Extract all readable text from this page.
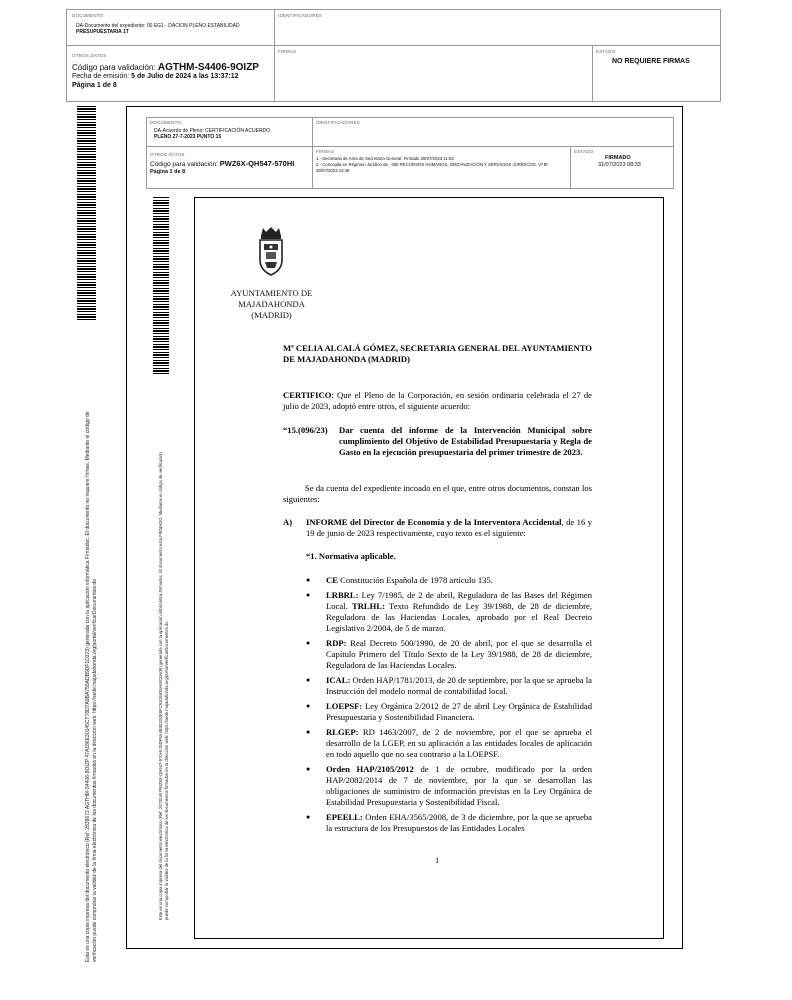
DOCUMENTO
DA-Documento del expediente: 00 EG1 - DACION PLENO ESTABILIDAD
PRESUPUESTARIA 1T
IDENTIFICADORES
OTROS DATOS
Código para validación: AGTHM-S4406-9OIZP
Fecha de emisión: 5 de Julio de 2024 a las 13:37:12
Página 1 de 8
FIRMAS	ESTADO
NO REQUIERE FIRMAS
Esta es una copia impresa del documento electrónico (Ref: 2839672 AGTHM-S4406-9OIZP 47A186E30145CT78D7A9BA755ADB9DF1D373) generada con la aplicación informática Firmadoc. El documento no requiere firmas. Mediante el código de verificación puede comprobar la validez de la firma electrónica de los documentos firmados en la dirección web: https://sede.majadahonda.org/portal/verificarDocumentos.do
DOCUMENTO
DA-Acuerdo de Pleno: CERTIFICACIÓN ACUERDO
PLENO 27-7-2023 PUNTO 15
IDENTIFICADORES
OTROS DATOS
Código para validación: PWZ6X-QH547-570HI
Página 1 de 8
FIRMAS
1.- Secretaria de Area de Secretaría General. Firmado 28/07/2023 11:53
2.- Concejala en Régimen Jurídico de , 006 RECURSOS HUMANOS, ORGANIZACIÓN Y SERVICIOS JURÍDICOS. Vº Bº
28/07/2023 13:48
ESTADO
FIRMADO
31/07/2023 08:33
Este es una copia impresa del documento electrónico (Ref: 2470040 PWZ6X-QH547-570HI 25DF6A4B301D0E8FC91D5928A60C0A0E) generada con la aplicación informática Firmadoc. El documento está FIRMADO. Mediante el código de verificación puede comprobar la validez de la firma electrónica de los documentos firmados en la dirección web: https://sede.majadahonda.org/portal/verificarDocumentos.do
AYUNTAMIENTO DE
MAJADAHONDA
(MADRID)
Mª CELIA ALCALÁ GÓMEZ, SECRETARIA GENERAL DEL AYUNTAMIENTO DE MAJADAHONDA (MADRID)
CERTIFICO: Que el Pleno de la Corporación, en sesión ordinaria celebrada el 27 de julio de 2023, adoptó entre otros, el siguiente acuerdo:
“15.(096/23) Dar cuenta del informe de la Intervención Municipal sobre cumplimiento del Objetivo de Estabilidad Presupuestaria y Regla de Gasto en la ejecución presupuestaria del primer trimestre de 2023.
Se da cuenta del expediente incoado en el que, entre otros documentos, constan los siguientes:
A) INFORME del Director de Economía y de la Interventora Accidental, de 16 y 19 de junio de 2023 respectivamente, cuyo texto es el siguiente:
“1. Normativa aplicable.
● CE Constitución Española de 1978 artículo 135.
● LRBRL: Ley 7/1985, de 2 de abril, Reguladora de las Bases del Régimen Local. TRLHL: Texto Refundido de Ley 39/1988, de 28 de diciembre, Reguladora de las Haciendas Locales, aprobado por el Real Decreto Legislativo 2/2004, de 5 de marzo.
● RDP: Real Decreto 500/1990, de 20 de abril, por el que se desarrolla el Capítulo Primero del Título Sexto de la Ley 39/1988, de 28 de diciembre, Reguladora de las Haciendas Locales.
● ICAL: Orden HAP/1781/2013, de 20 de septiembre, por la que se aprueba la Instrucción del modelo normal de contabilidad local.
● LOEPSF: Ley Orgánica 2/2012 de 27 de abril Ley Orgánica de Estabilidad Presupuestaria y Sostenibilidad Financiera.
● RLGEP: RD 1463/2007, de 2 de noviembre, por el que se aprueba el desarrollo de la LGEP, en su aplicación a las entidades locales de aplicación en todo aquello que no sea contrario a la LOEPSF.
● Orden HAP/2105/2012 de 1 de octubre, modificado por la orden HAP/2082/2014 de 7 de noviembre, por la que se desarrollan las obligaciones de suministro de información previstas en la Ley Orgánica de Estabilidad Presupuestaria y Sostenibilidad Fiscal.
● EPEELL: Orden EHA/3565/2008, de 3 de diciembre, por la que se aprueba la estructura de los Presupuestos de las Entidades Locales
1
